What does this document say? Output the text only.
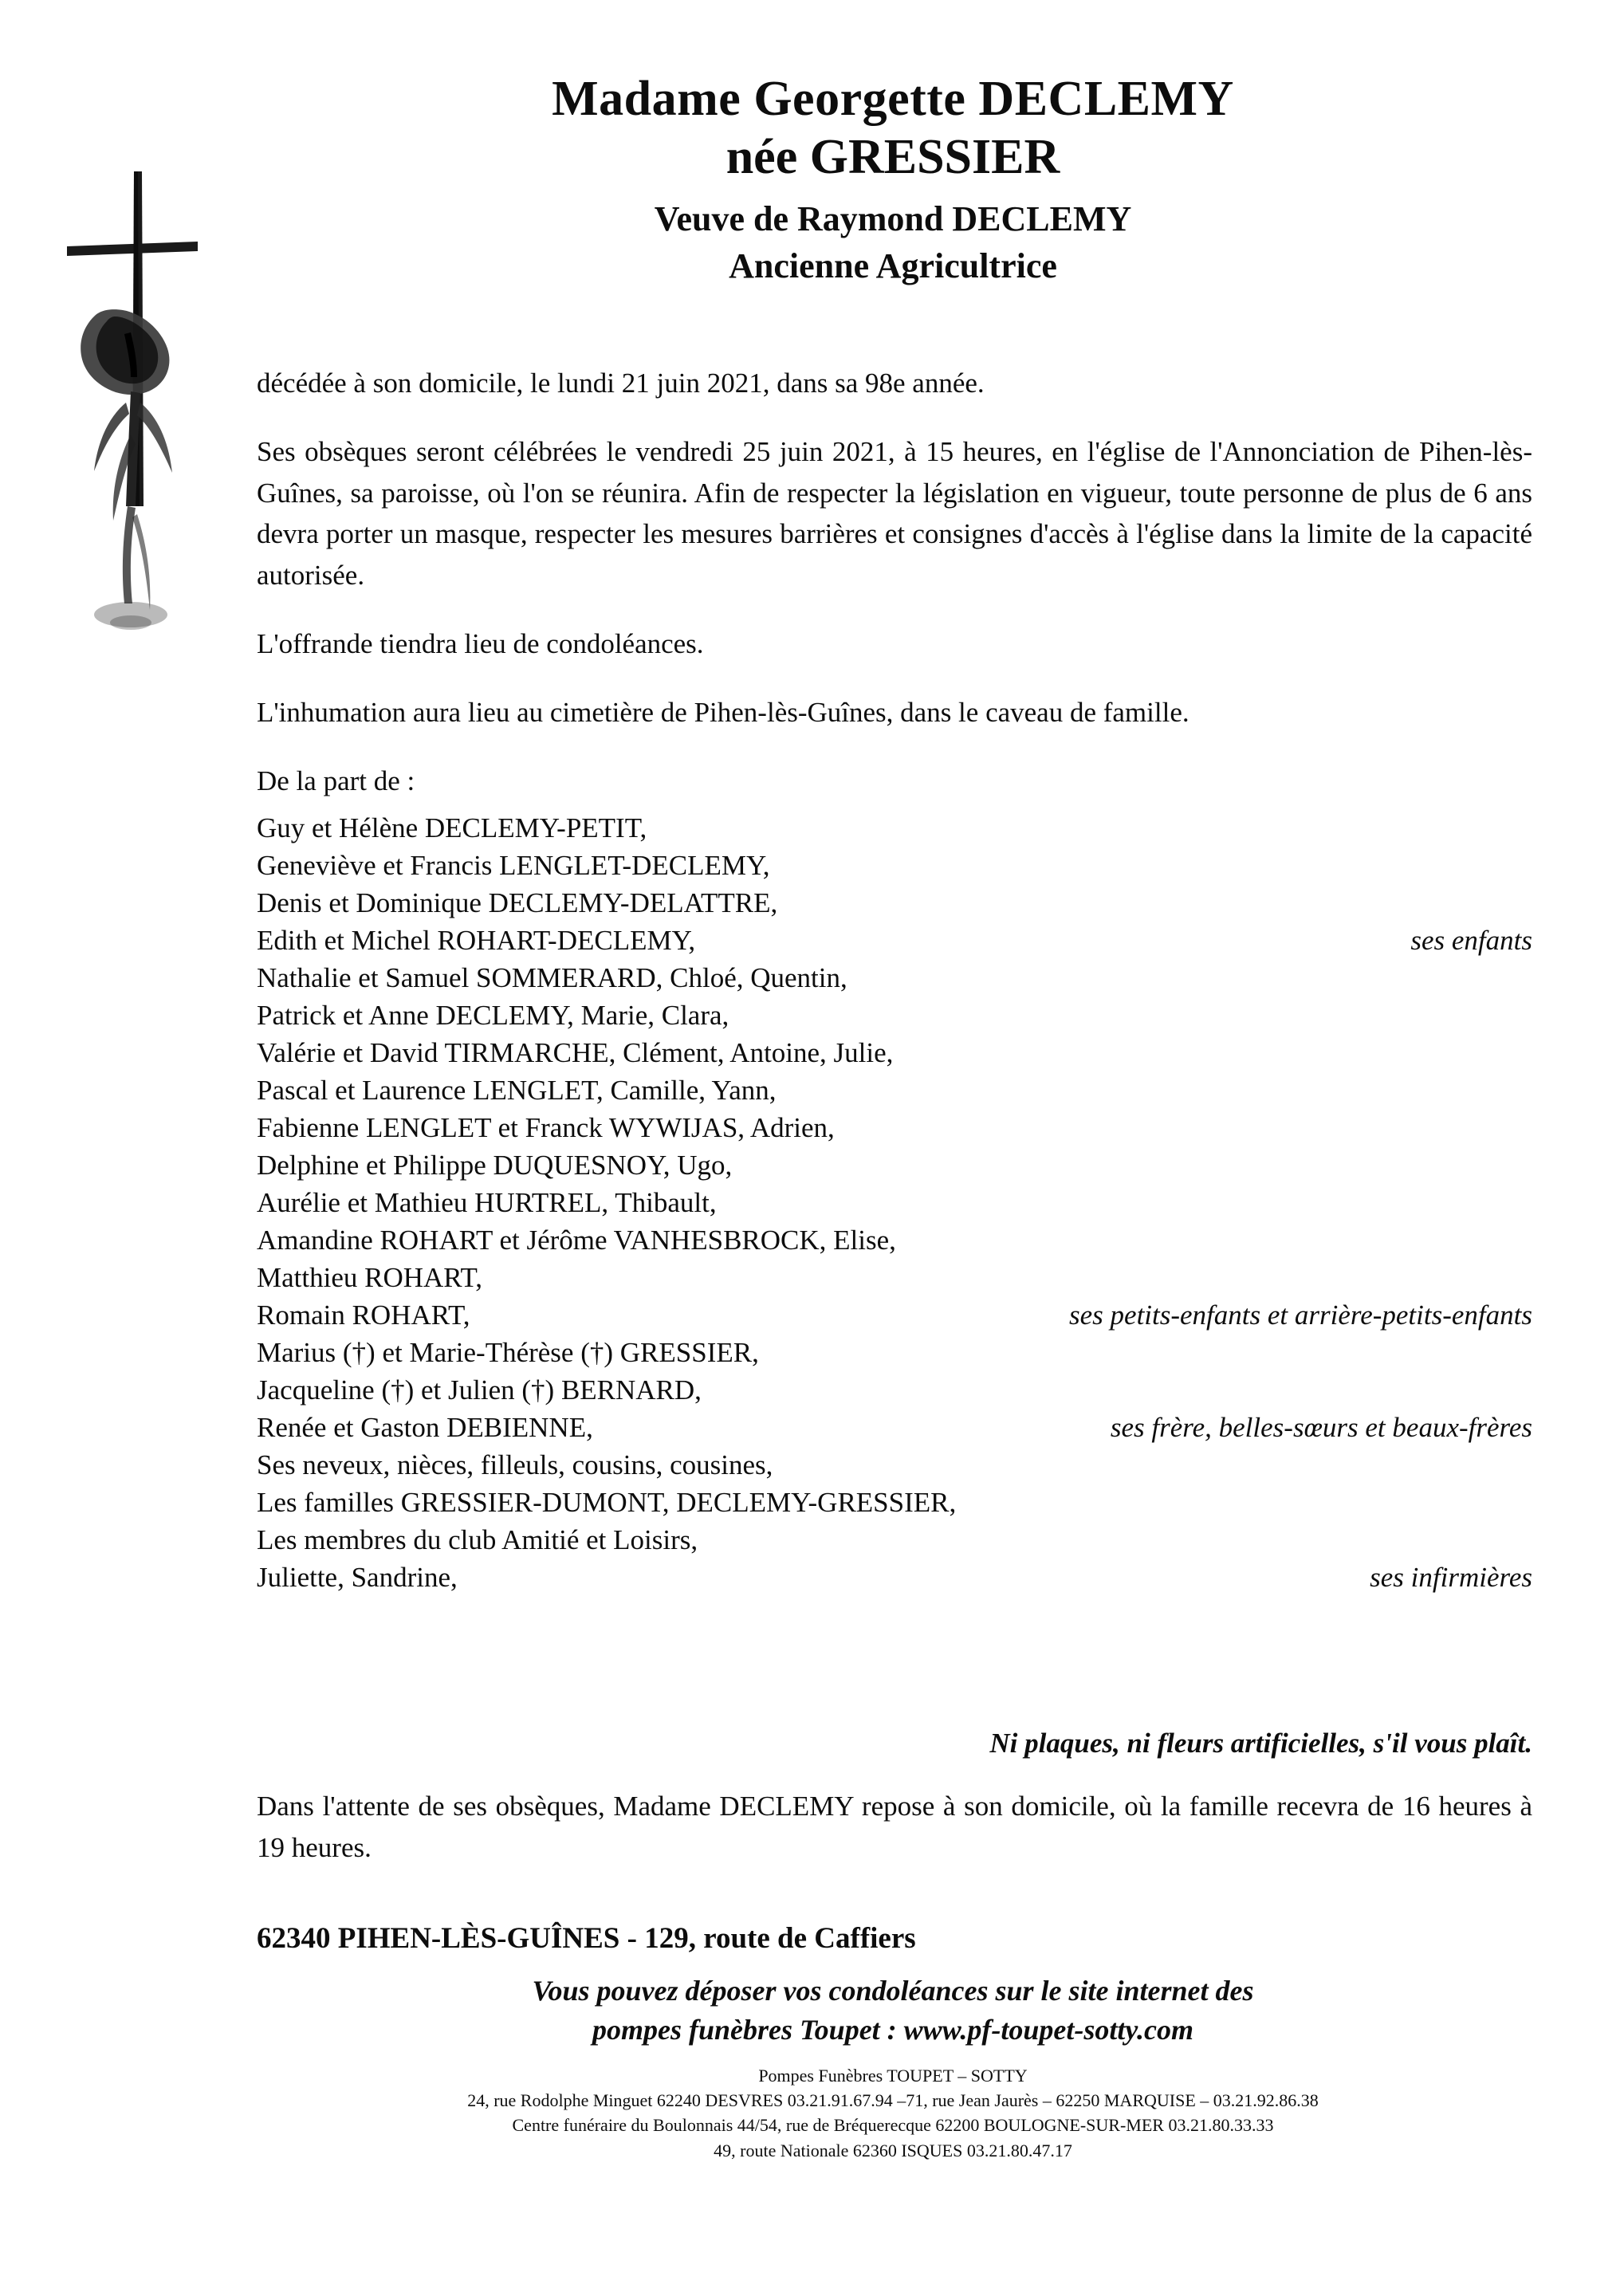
Madame Georgette DECLEMY
née GRESSIER
Veuve de Raymond DECLEMY
Ancienne Agricultrice

décédée à son domicile, le lundi 21 juin 2021, dans sa 98e année.

Ses obsèques seront célébrées le vendredi 25 juin 2021, à 15 heures, en l'église de l'Annonciation de Pihen-lès-Guînes, sa paroisse, où l'on se réunira. Afin de respecter la législation en vigueur, toute personne de plus de 6 ans devra porter un masque, respecter les mesures barrières et consignes d'accès à l'église dans la limite de la capacité autorisée.

L'offrande tiendra lieu de condoléances.

L'inhumation aura lieu au cimetière de Pihen-lès-Guînes, dans le caveau de famille.

De la part de :

Guy et Hélène DECLEMY-PETIT,
Geneviève et Francis LENGLET-DECLEMY,
Denis et Dominique DECLEMY-DELATTRE,
Edith et Michel ROHART-DECLEMY,	ses enfants
Nathalie et Samuel SOMMERARD, Chloé, Quentin,
Patrick et Anne DECLEMY, Marie, Clara,
Valérie et David TIRMARCHE, Clément, Antoine, Julie,
Pascal et Laurence LENGLET, Camille, Yann,
Fabienne LENGLET et Franck WYWIJAS, Adrien,
Delphine et Philippe DUQUESNOY, Ugo,
Aurélie et Mathieu HURTREL, Thibault,
Amandine ROHART et Jérôme VANHESBROCK, Elise,
Matthieu ROHART,
Romain ROHART,	ses petits-enfants et arrière-petits-enfants
Marius (†) et Marie-Thérèse (†) GRESSIER,
Jacqueline (†) et Julien (†) BERNARD,
Renée et Gaston DEBIENNE,	ses frère, belles-sœurs et beaux-frères
Ses neveux, nièces, filleuls, cousins, cousines,
Les familles GRESSIER-DUMONT, DECLEMY-GRESSIER,
Les membres du club Amitié et Loisirs,
Juliette, Sandrine,	ses infirmières
Ni plaques, ni fleurs artificielles, s'il vous plaît.

Dans l'attente de ses obsèques, Madame DECLEMY repose à son domicile, où la famille recevra de 16 heures à 19 heures.

62340 PIHEN-LÈS-GUÎNES - 129, route de Caffiers
Vous pouvez déposer vos condoléances sur le site internet des
pompes funèbres Toupet : www.pf-toupet-sotty.com
Pompes Funèbres TOUPET – SOTTY
24, rue Rodolphe Minguet 62240 DESVRES 03.21.91.67.94 –71, rue Jean Jaurès – 62250 MARQUISE – 03.21.92.86.38
Centre funéraire du Boulonnais 44/54, rue de Bréquerecque 62200 BOULOGNE-SUR-MER 03.21.80.33.33
49, route Nationale 62360 ISQUES 03.21.80.47.17
